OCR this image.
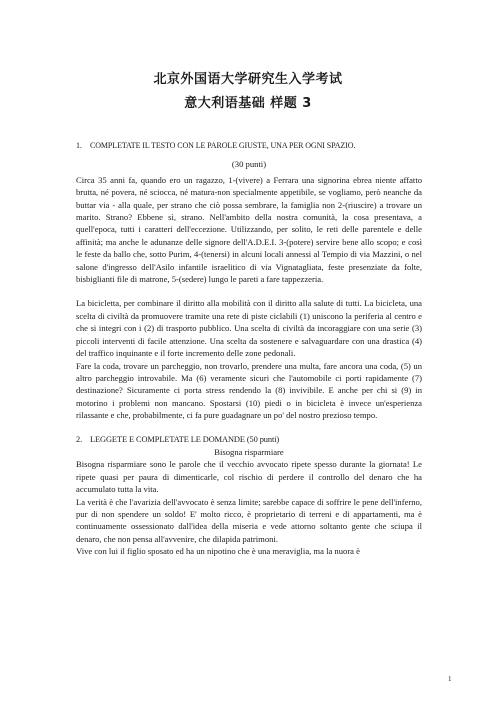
北京外国语大学研究生入学考试
意大利语基础 样题 3
1. COMPLETATE IL TESTO CON LE PAROLE GIUSTE, UNA PER OGNI SPAZIO.
(30 punti)

Circa 35 anni fa, quando ero un ragazzo, 1-(vivere) a Ferrara una signorina ebrea niente affatto brutta, né povera, né sciocca, né matura-non specialmente appetibile, se vogliamo, però neanche da buttar via - alla quale, per strano che ciò possa sembrare, la famiglia non 2-(riuscire) a trovare un marito. Strano? Ebbene sì, strano. Nell'ambito della nostra comunità, la cosa presentava, a quell'epoca, tutti i caratteri dell'eccezione. Utilizzando, per solito, le reti delle parentele e delle affinità; ma anche le adunanze delle signore dell'A.D.E.I. 3-(potere) servire bene allo scopo; e così le feste da ballo che, sotto Purim, 4-(tenersi) in alcuni locali annessi al Tempio di via Mazzini, o nel salone d'ingresso dell'Asilo infantile israelitico di via Vignatagliata, feste presenziate da folte, bisbiglianti file di matrone, 5-(sedere) lungo le pareti a fare tappezzeria.

La bicicletta, per combinare il diritto alla mobilità con il diritto alla salute di tutti. La bicicleta, una scelta di civiltà da promuovere tramite una rete di piste ciclabili (1) uniscono la periferia al centro e che si integri con i (2) di trasporto pubblico. Una scelta di civiltà da incoraggiare con una serie (3) piccoli interventi di facile attenzione. Una scelta da sostenere e salvaguardare con una drastica (4) del traffico inquinante e il forte incremento delle zone pedonali.

Fare la coda, trovare un parcheggio, non trovarlo, prendere una multa, fare ancora una coda, (5) un altro parcheggio introvabile. Ma (6) veramente sicuri che l'automobile ci porti rapidamente (7) destinazione? Sicuramente ci porta stress rendendo la (8) invivibile. E anche per chi si (9) in motorino i problemi non mancano. Spostarsi (10) piedi o in bicicleta è invece un'esperienza rilassante e che, probabilmente, ci fa pure guadagnare un po' del nostro prezioso tempo.

2. LEGGETE E COMPLETATE LE DOMANDE (50 punti)
Bisogna risparmiare

Bisogna risparmiare sono le parole che il vecchio avvocato ripete spesso durante la giornata! Le ripete quasi per paura di dimenticarle, col rischio di perdere il controllo del denaro che ha accumulato tutta la vita.

La verità è che l'avarizia dell'avvocato è senza limite; sarebbe capace di soffrire le pene dell'inferno, pur di non spendere un soldo! E' molto ricco, è proprietario di terreni e di appartamenti, ma è continuamente ossessionato dall'idea della miseria e vede attorno soltanto gente che sciupa il denaro, che non pensa all'avvenire, che dilapida patrimoni.

Vive con lui il figlio sposato ed ha un nipotino che è una meraviglia, ma la nuora è

1
